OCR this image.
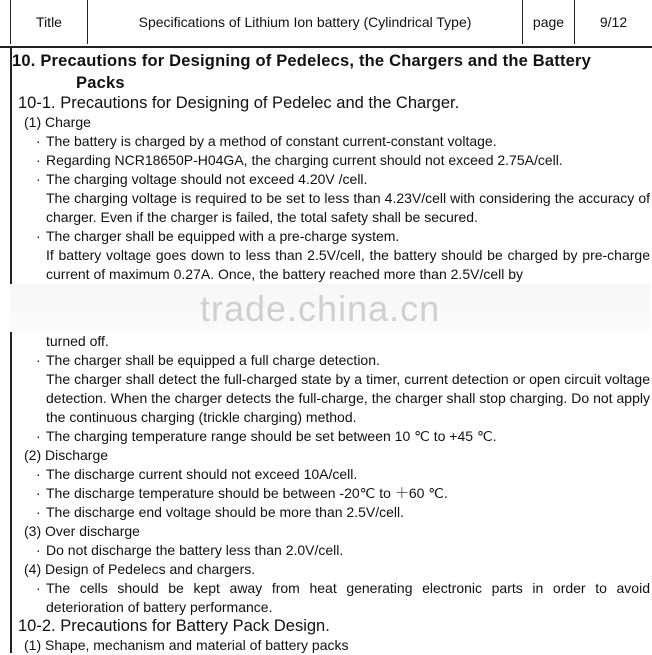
Title	Specifications of Lithium Ion battery (Cylindrical Type)	page	9/12

10. Precautions for Designing of Pedelecs, the Chargers and the Battery
Packs

10-1. Precautions for Designing of Pedelec and the Charger.

(1) Charge

· The battery is charged by a method of constant current-constant voltage.

· Regarding NCR18650P-H04GA, the charging current should not exceed 2.75A/cell.

· The charging voltage should not exceed 4.20V /cell.

The charging voltage is required to be set to less than 4.23V/cell with considering the accuracy of charger. Even if the charger is failed, the total safety shall be secured.

· The charger shall be equipped with a pre-charge system.

If battery voltage goes down to less than 2.5V/cell, the battery should be charged by pre-charge current of maximum 0.27A. Once, the battery reached more than 2.5V/cell by

trade.china.cn

turned off.

· The charger shall be equipped a full charge detection.

The charger shall detect the full-charged state by a timer, current detection or open circuit voltage detection. When the charger detects the full-charge, the charger shall stop charging. Do not apply the continuous charging (trickle charging) method.

· The charging temperature range should be set between 10 ℃ to +45 ℃.

(2) Discharge

· The discharge current should not exceed 10A/cell.

· The discharge temperature should be between -20℃ to ＋60 ℃.

· The discharge end voltage should be more than 2.5V/cell.

(3) Over discharge

· Do not discharge the battery less than 2.0V/cell.

(4) Design of Pedelecs and chargers.

· The cells should be kept away from heat generating electronic parts in order to avoid deterioration of battery performance.

10-2. Precautions for Battery Pack Design.

(1) Shape, mechanism and material of battery packs
